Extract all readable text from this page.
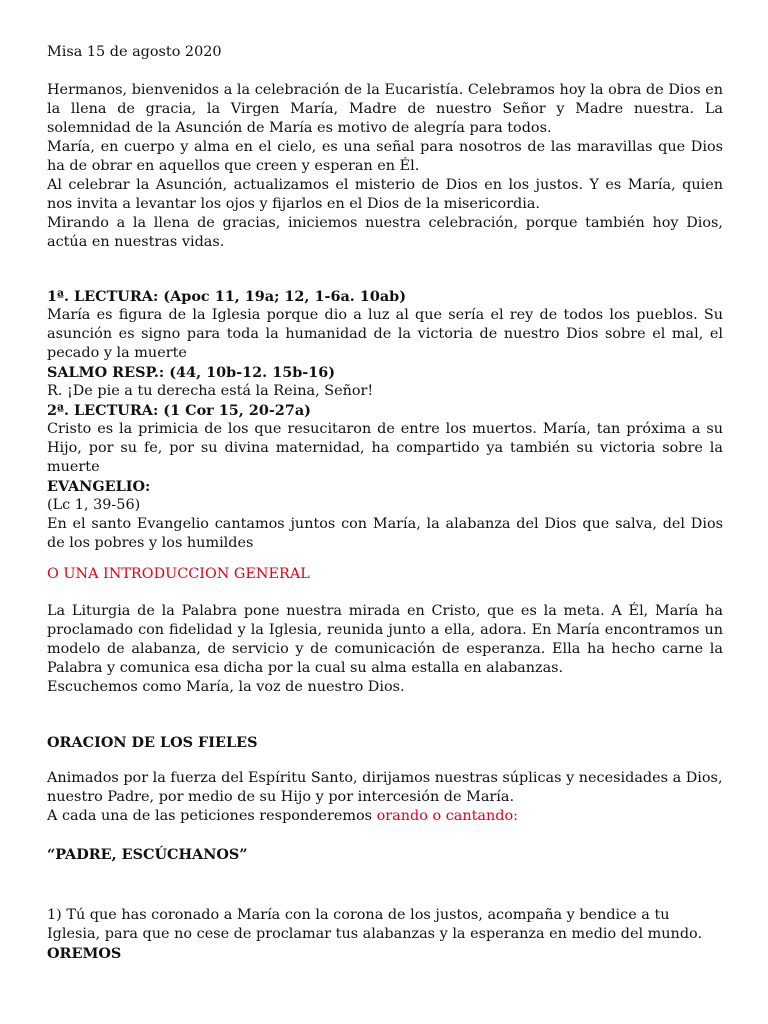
Misa 15 de agosto 2020

Hermanos, bienvenidos a la celebración de la Eucaristía. Celebramos hoy la obra de Dios en la llena de gracia, la Virgen María, Madre de nuestro Señor y Madre nuestra. La solemnidad de la Asunción de María es motivo de alegría para todos.

María, en cuerpo y alma en el cielo, es una señal para nosotros de las maravillas que Dios ha de obrar en aquellos que creen y esperan en Él.

Al celebrar la Asunción, actualizamos el misterio de Dios en los justos. Y es María, quien nos invita a levantar los ojos y fijarlos en el Dios de la misericordia.

Mirando a la llena de gracias, iniciemos nuestra celebración, porque también hoy Dios, actúa en nuestras vidas.

1ª. LECTURA: (Apoc 11, 19a; 12, 1-6a. 10ab)

María es figura de la Iglesia porque dio a luz al que sería el rey de todos los pueblos. Su asunción es signo para toda la humanidad de la victoria de nuestro Dios sobre el mal, el pecado y la muerte

SALMO RESP.: (44, 10b-12. 15b-16)

R. ¡De pie a tu derecha está la Reina, Señor!

2ª. LECTURA: (1 Cor 15, 20-27a)

Cristo es la primicia de los que resucitaron de entre los muertos. María, tan próxima a su Hijo, por su fe, por su divina maternidad, ha compartido ya también su victoria sobre la muerte

EVANGELIO:

(Lc 1, 39-56)

En el santo Evangelio cantamos juntos con María, la alabanza del Dios que salva, del Dios de los pobres y los humildes

O UNA INTRODUCCION GENERAL

La Liturgia de la Palabra pone nuestra mirada en Cristo, que es la meta. A Él, María ha proclamado con fidelidad y la Iglesia, reunida junto a ella, adora. En María encontramos un modelo de alabanza, de servicio y de comunicación de esperanza. Ella ha hecho carne la Palabra y comunica esa dicha por la cual su alma estalla en alabanzas.

Escuchemos como María, la voz de nuestro Dios.

ORACION DE LOS FIELES

Animados por la fuerza del Espíritu Santo, dirijamos nuestras súplicas y necesidades a Dios, nuestro Padre, por medio de su Hijo y por intercesión de María.

A cada una de las peticiones responderemos orando o cantando:

“PADRE, ESCÚCHANOS”

1) Tú que has coronado a María con la corona de los justos, acompaña y bendice a tu Iglesia, para que no cese de proclamar tus alabanzas y la esperanza en medio del mundo. OREMOS
